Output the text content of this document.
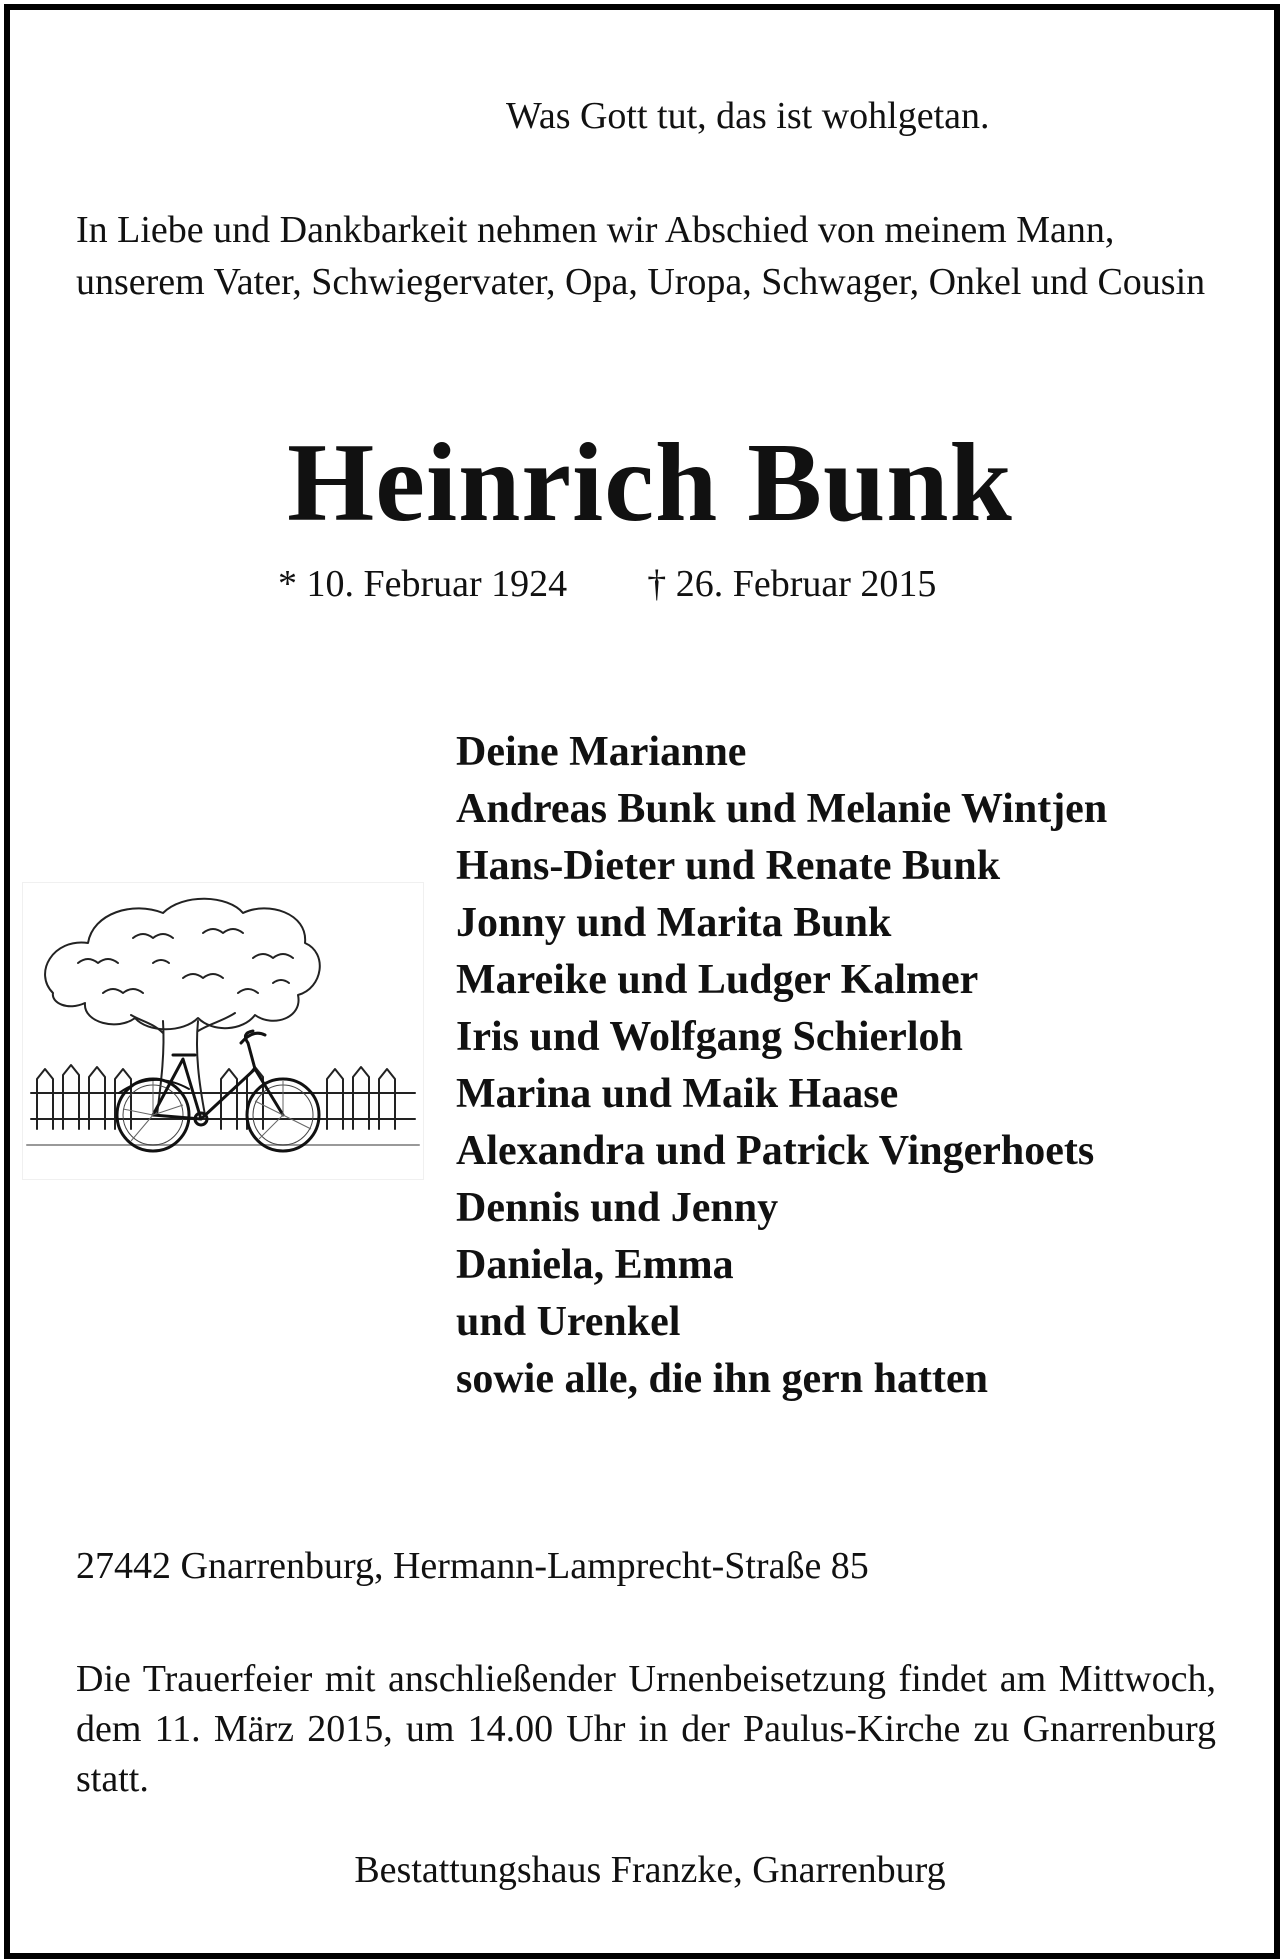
Was Gott tut, das ist wohlgetan.
In Liebe und Dankbarkeit nehmen wir Abschied von meinem Mann, unserem Vater, Schwiegervater, Opa, Uropa, Schwager, Onkel und Cousin
Heinrich Bunk
* 10. Februar 1924 † 26. Februar 2015
Deine Marianne
Andreas Bunk und Melanie Wintjen
Hans-Dieter und Renate Bunk
Jonny und Marita Bunk
Mareike und Ludger Kalmer
Iris und Wolfgang Schierloh
Marina und Maik Haase
Alexandra und Patrick Vingerhoets
Dennis und Jenny
Daniela, Emma
und Urenkel
sowie alle, die ihn gern hatten
27442 Gnarrenburg, Hermann-Lamprecht-Straße 85
Die Trauerfeier mit anschließender Urnenbeisetzung findet am Mittwoch, dem 11. März 2015, um 14.00 Uhr in der Paulus-Kirche zu Gnarrenburg statt.
Bestattungshaus Franzke, Gnarrenburg
